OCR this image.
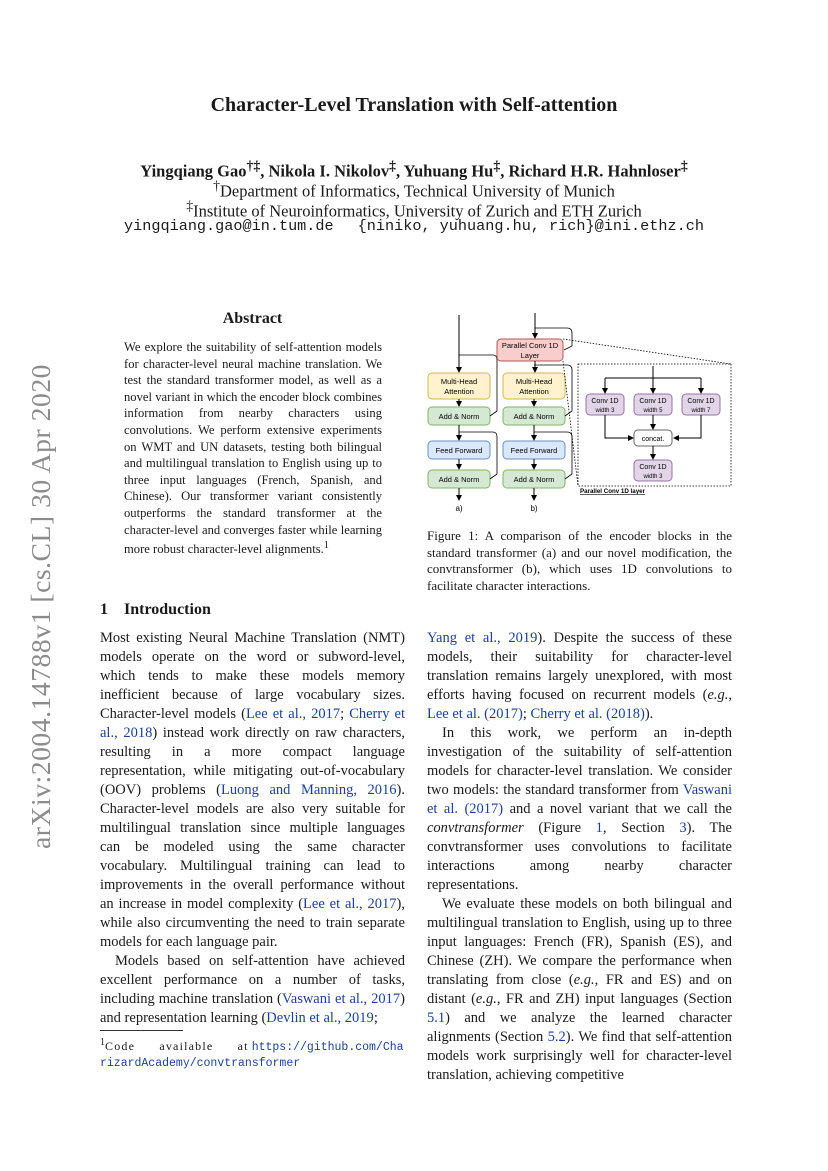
arXiv:2004.14788v1 [cs.CL] 30 Apr 2020
Character-Level Translation with Self-attention
Yingqiang Gao†‡, Nikola I. Nikolov‡, Yuhuang Hu‡, Richard H.R. Hahnloser‡
†Department of Informatics, Technical University of Munich
‡Institute of Neuroinformatics, University of Zurich and ETH Zurich
yingqiang.gao@in.tum.de {niniko, yuhuang.hu, rich}@ini.ethz.ch
Abstract
We explore the suitability of self-attention models for character-level neural machine translation. We test the standard transformer model, as well as a novel variant in which the encoder block combines information from nearby characters using convolutions. We perform extensive experiments on WMT and UN datasets, testing both bilingual and multilingual translation to English using up to three input languages (French, Spanish, and Chinese). Our transformer variant consistently outperforms the standard transformer at the character-level and converges faster while learning more robust character-level alignments.$^1$
1 Introduction

Most existing Neural Machine Translation (NMT) models operate on the word or subword-level, which tends to make these models memory inefficient because of large vocabulary sizes. Character-level models (Lee et al., 2017; Cherry et al., 2018) instead work directly on raw characters, resulting in a more compact language representation, while mitigating out-of-vocabulary (OOV) problems (Luong and Manning, 2016). Character-level models are also very suitable for multilingual translation since multiple languages can be modeled using the same character vocabulary. Multilingual training can lead to improvements in the overall performance without an increase in model complexity (Lee et al., 2017), while also circumventing the need to train separate models for each language pair.

Models based on self-attention have achieved excellent performance on a number of tasks, including machine translation (Vaswani et al., 2017) and representation learning (Devlin et al., 2019;

$^1$Code available at https://github.com/CharizardAcademy/convtransformer
Multi-Head
Attention
Add & Norm
Feed Forward
Add & Norm
a)
Parallel Conv 1D
Layer
Multi-Head
Attention
Add & Norm
Feed Forward
Add & Norm
b)
Conv 1D
width 3
Conv 1D
width 5
Conv 1D
width 7
concat.
Conv 1D
width 3
Parallel Conv 1D layer
Figure 1: A comparison of the encoder blocks in the standard transformer (a) and our novel modification, the convtransformer (b), which uses 1D convolutions to facilitate character interactions.

Yang et al., 2019). Despite the success of these models, their suitability for character-level translation remains largely unexplored, with most efforts having focused on recurrent models (e.g., Lee et al. (2017); Cherry et al. (2018)).

In this work, we perform an in-depth investigation of the suitability of self-attention models for character-level translation. We consider two models: the standard transformer from Vaswani et al. (2017) and a novel variant that we call the convtransformer (Figure 1, Section 3). The convtransformer uses convolutions to facilitate interactions among nearby character representations.

We evaluate these models on both bilingual and multilingual translation to English, using up to three input languages: French (FR), Spanish (ES), and Chinese (ZH). We compare the performance when translating from close (e.g., FR and ES) and on distant (e.g., FR and ZH) input languages (Section 5.1) and we analyze the learned character alignments (Section 5.2). We find that self-attention models work surprisingly well for character-level translation, achieving competitive
